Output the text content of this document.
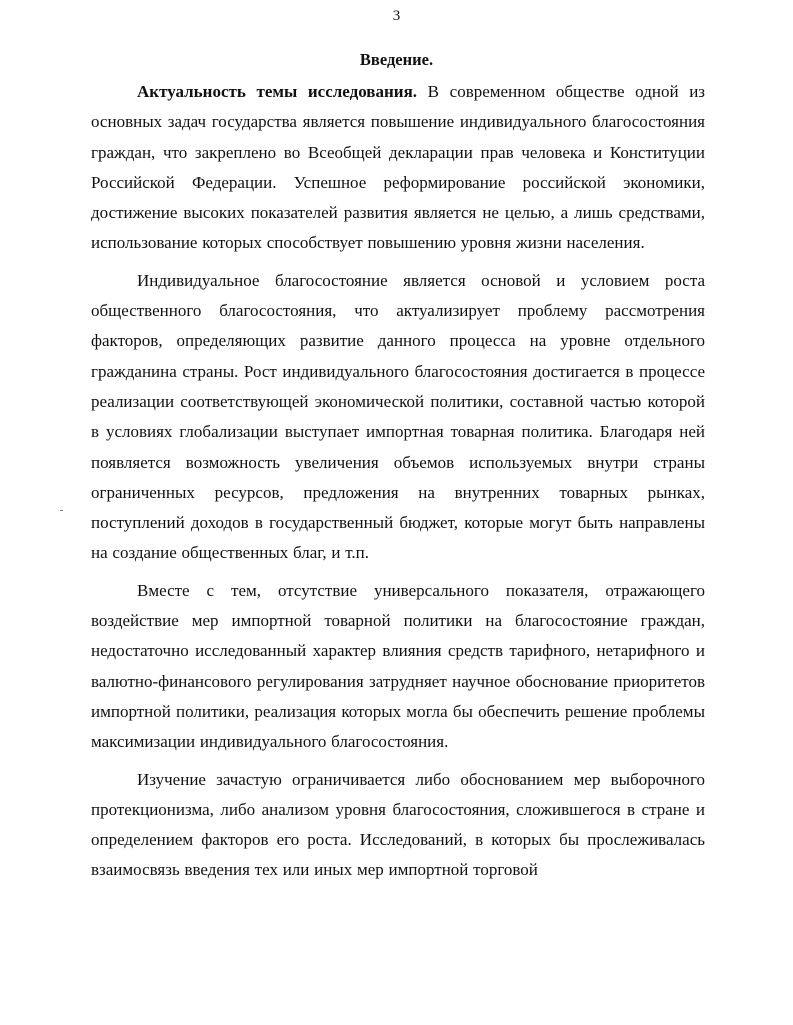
3
Введение.

Актуальность темы исследования. В современном обществе одной из основных задач государства является повышение индивидуального благосостояния граждан, что закреплено во Всеобщей декларации прав человека и Конституции Российской Федерации. Успешное реформирование российской экономики, достижение высоких показателей развития является не целью, а лишь средствами, использование которых способствует повышению уровня жизни населения.

Индивидуальное благосостояние является основой и условием роста общественного благосостояния, что актуализирует проблему рассмотрения факторов, определяющих развитие данного процесса на уровне отдельного гражданина страны. Рост индивидуального благосостояния достигается в процессе реализации соответствующей экономической политики, составной частью которой в условиях глобализации выступает импортная товарная политика. Благодаря ней появляется возможность увеличения объемов используемых внутри страны ограниченных ресурсов, предложения на внутренних товарных рынках, поступлений доходов в государственный бюджет, которые могут быть направлены на создание общественных благ, и т.п.

Вместе с тем, отсутствие универсального показателя, отражающего воздействие мер импортной товарной политики на благосостояние граждан, недостаточно исследованный характер влияния средств тарифного, нетарифного и валютно-финансового регулирования затрудняет научное обоснование приоритетов импортной политики, реализация которых могла бы обеспечить решение проблемы максимизации индивидуального благосостояния.

Изучение зачастую ограничивается либо обоснованием мер выборочного протекционизма, либо анализом уровня благосостояния, сложившегося в стране и определением факторов его роста. Исследований, в которых бы прослеживалась взаимосвязь введения тех или иных мер импортной торговой
